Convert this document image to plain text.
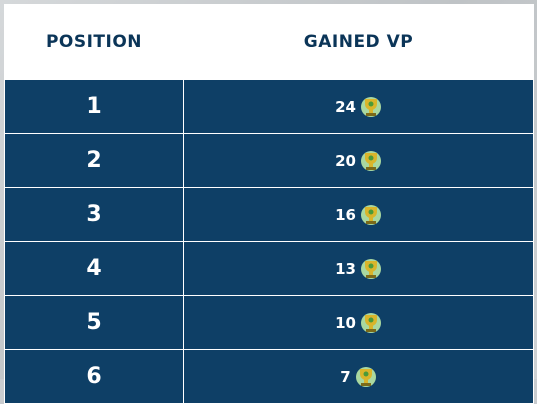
POSITION	GAINED VP
1	24

2	20

3	16

4	13

5	10

6	7
